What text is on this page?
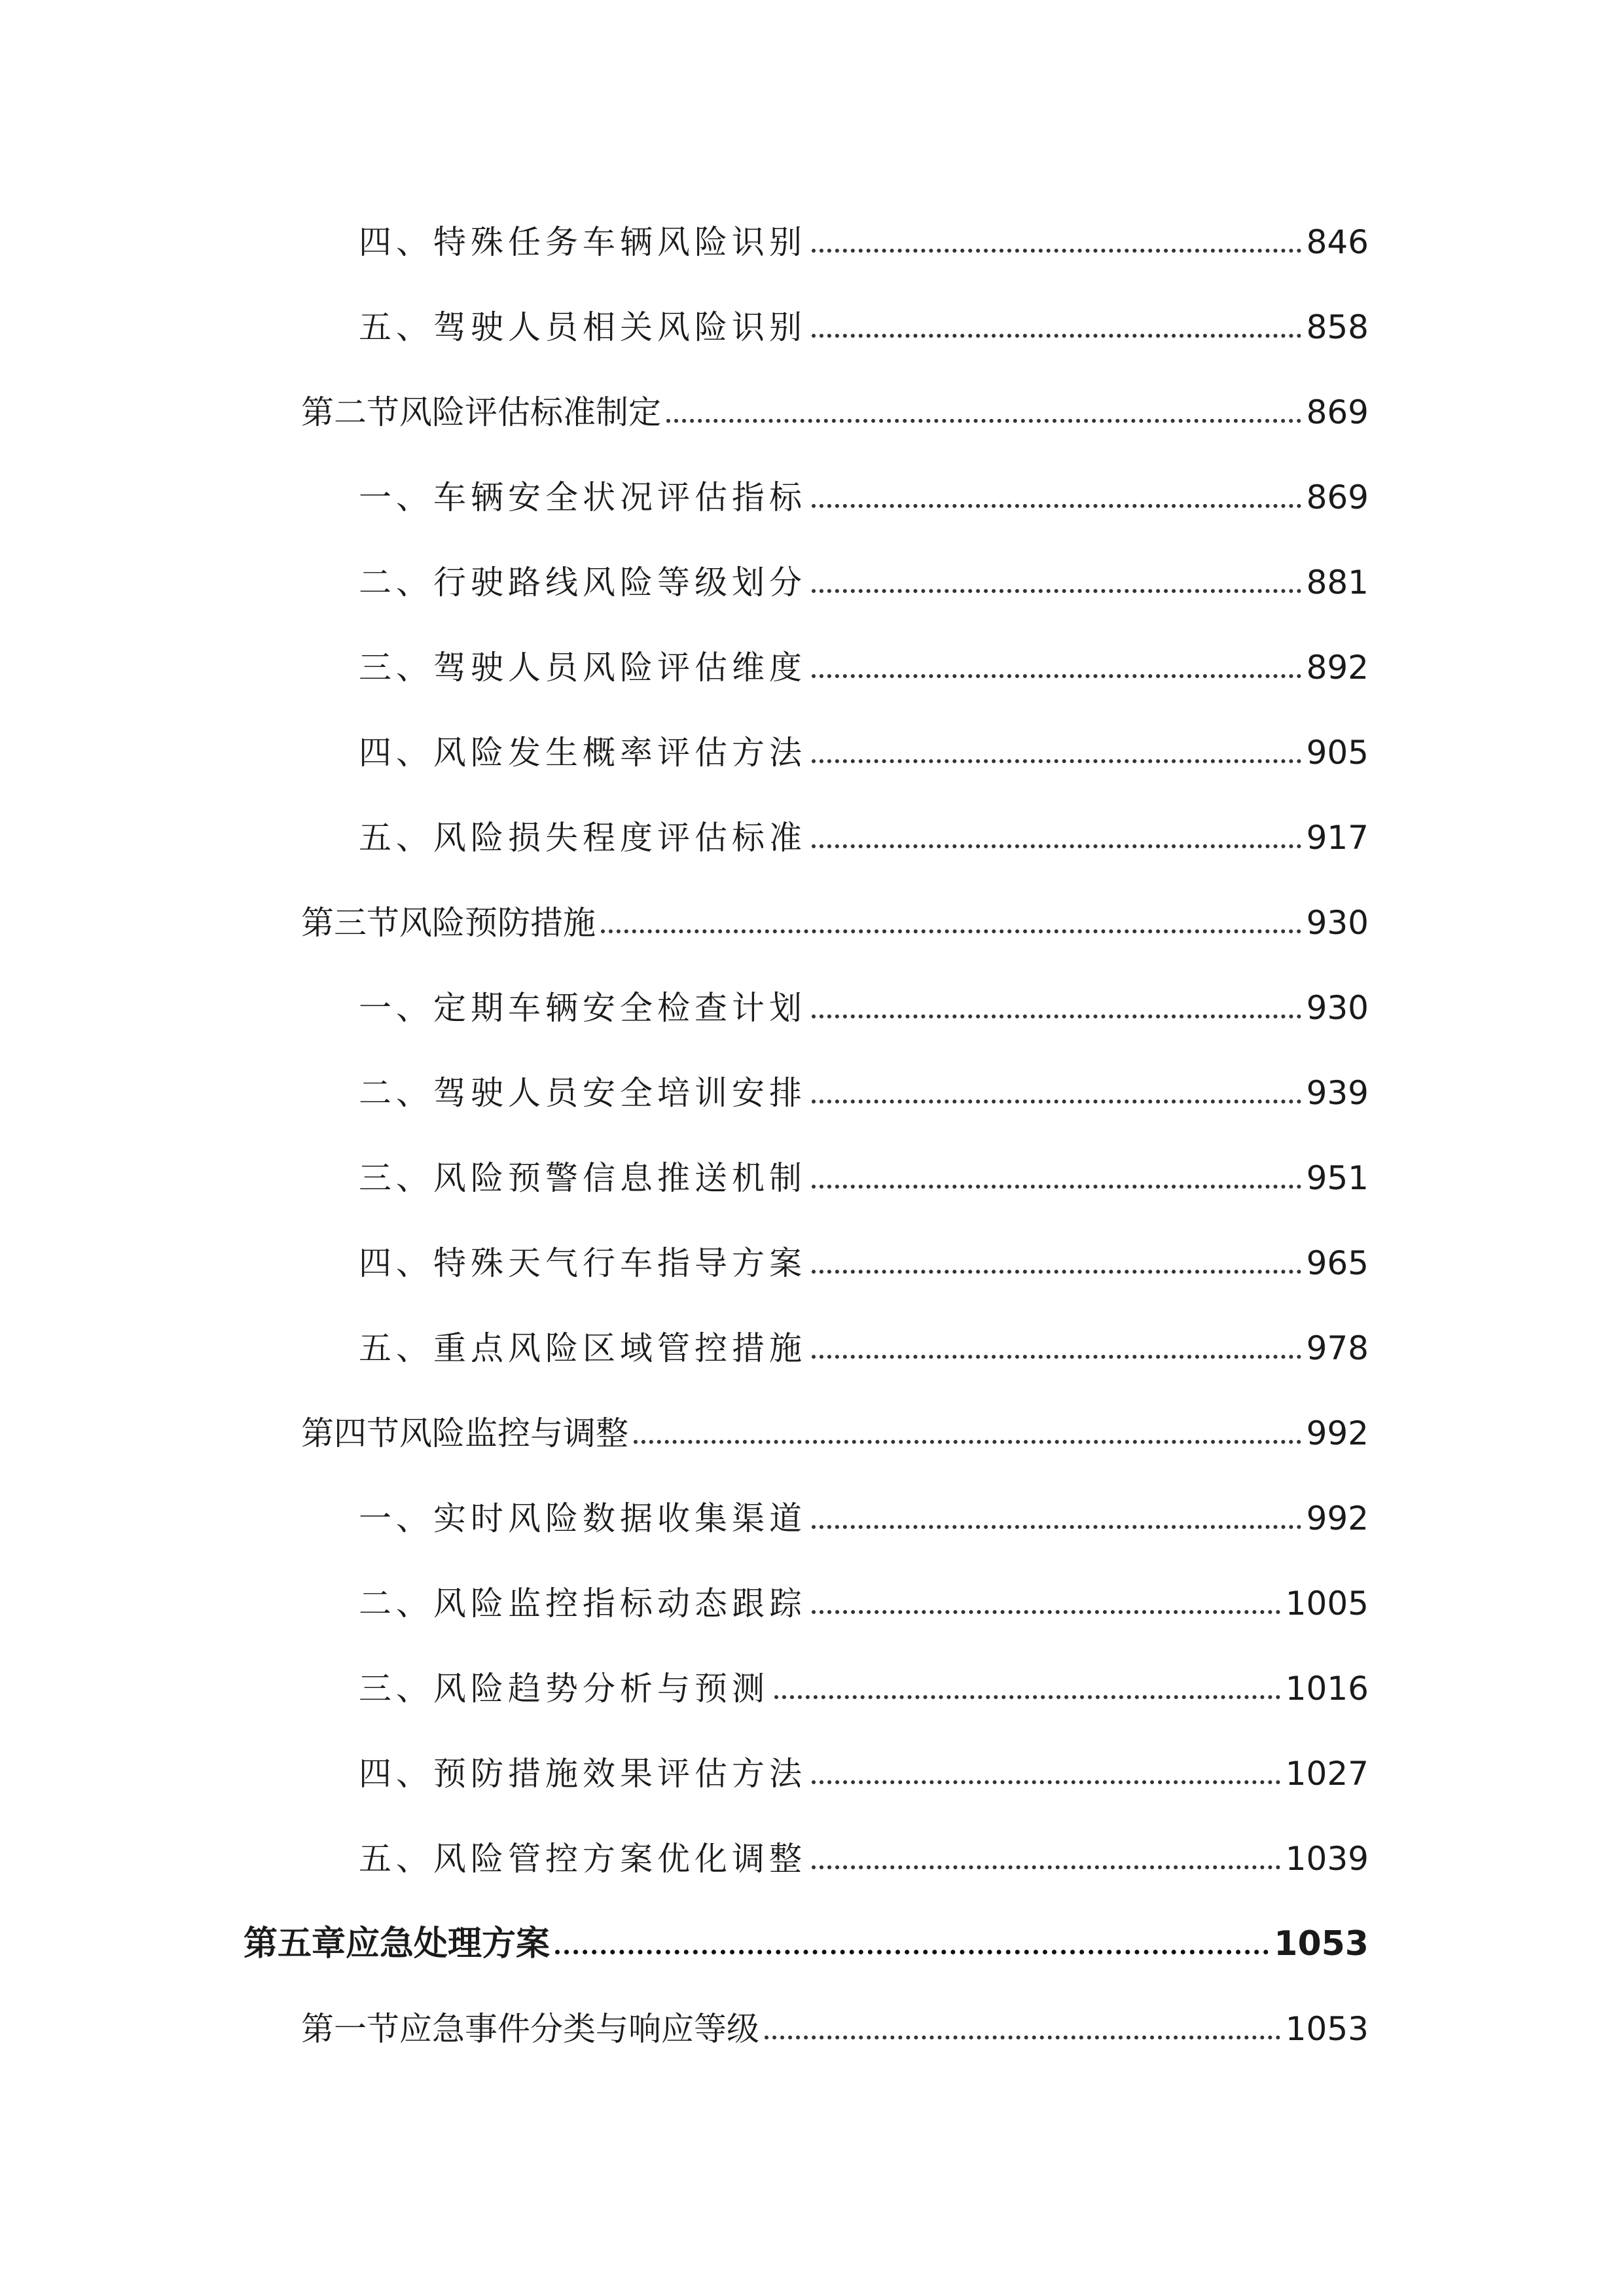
四、特殊任务车辆风险识别	846
五、驾驶人员相关风险识别	858
第二节风险评估标准制定	869
一、车辆安全状况评估指标	869
二、行驶路线风险等级划分	881
三、驾驶人员风险评估维度	892
四、风险发生概率评估方法	905
五、风险损失程度评估标准	917
第三节风险预防措施	930
一、定期车辆安全检查计划	930
二、驾驶人员安全培训安排	939
三、风险预警信息推送机制	951
四、特殊天气行车指导方案	965
五、重点风险区域管控措施	978
第四节风险监控与调整	992
一、实时风险数据收集渠道	992
二、风险监控指标动态跟踪	1005
三、风险趋势分析与预测	1016
四、预防措施效果评估方法	1027
五、风险管控方案优化调整	1039
第五章应急处理方案	1053
第一节应急事件分类与响应等级	1053
